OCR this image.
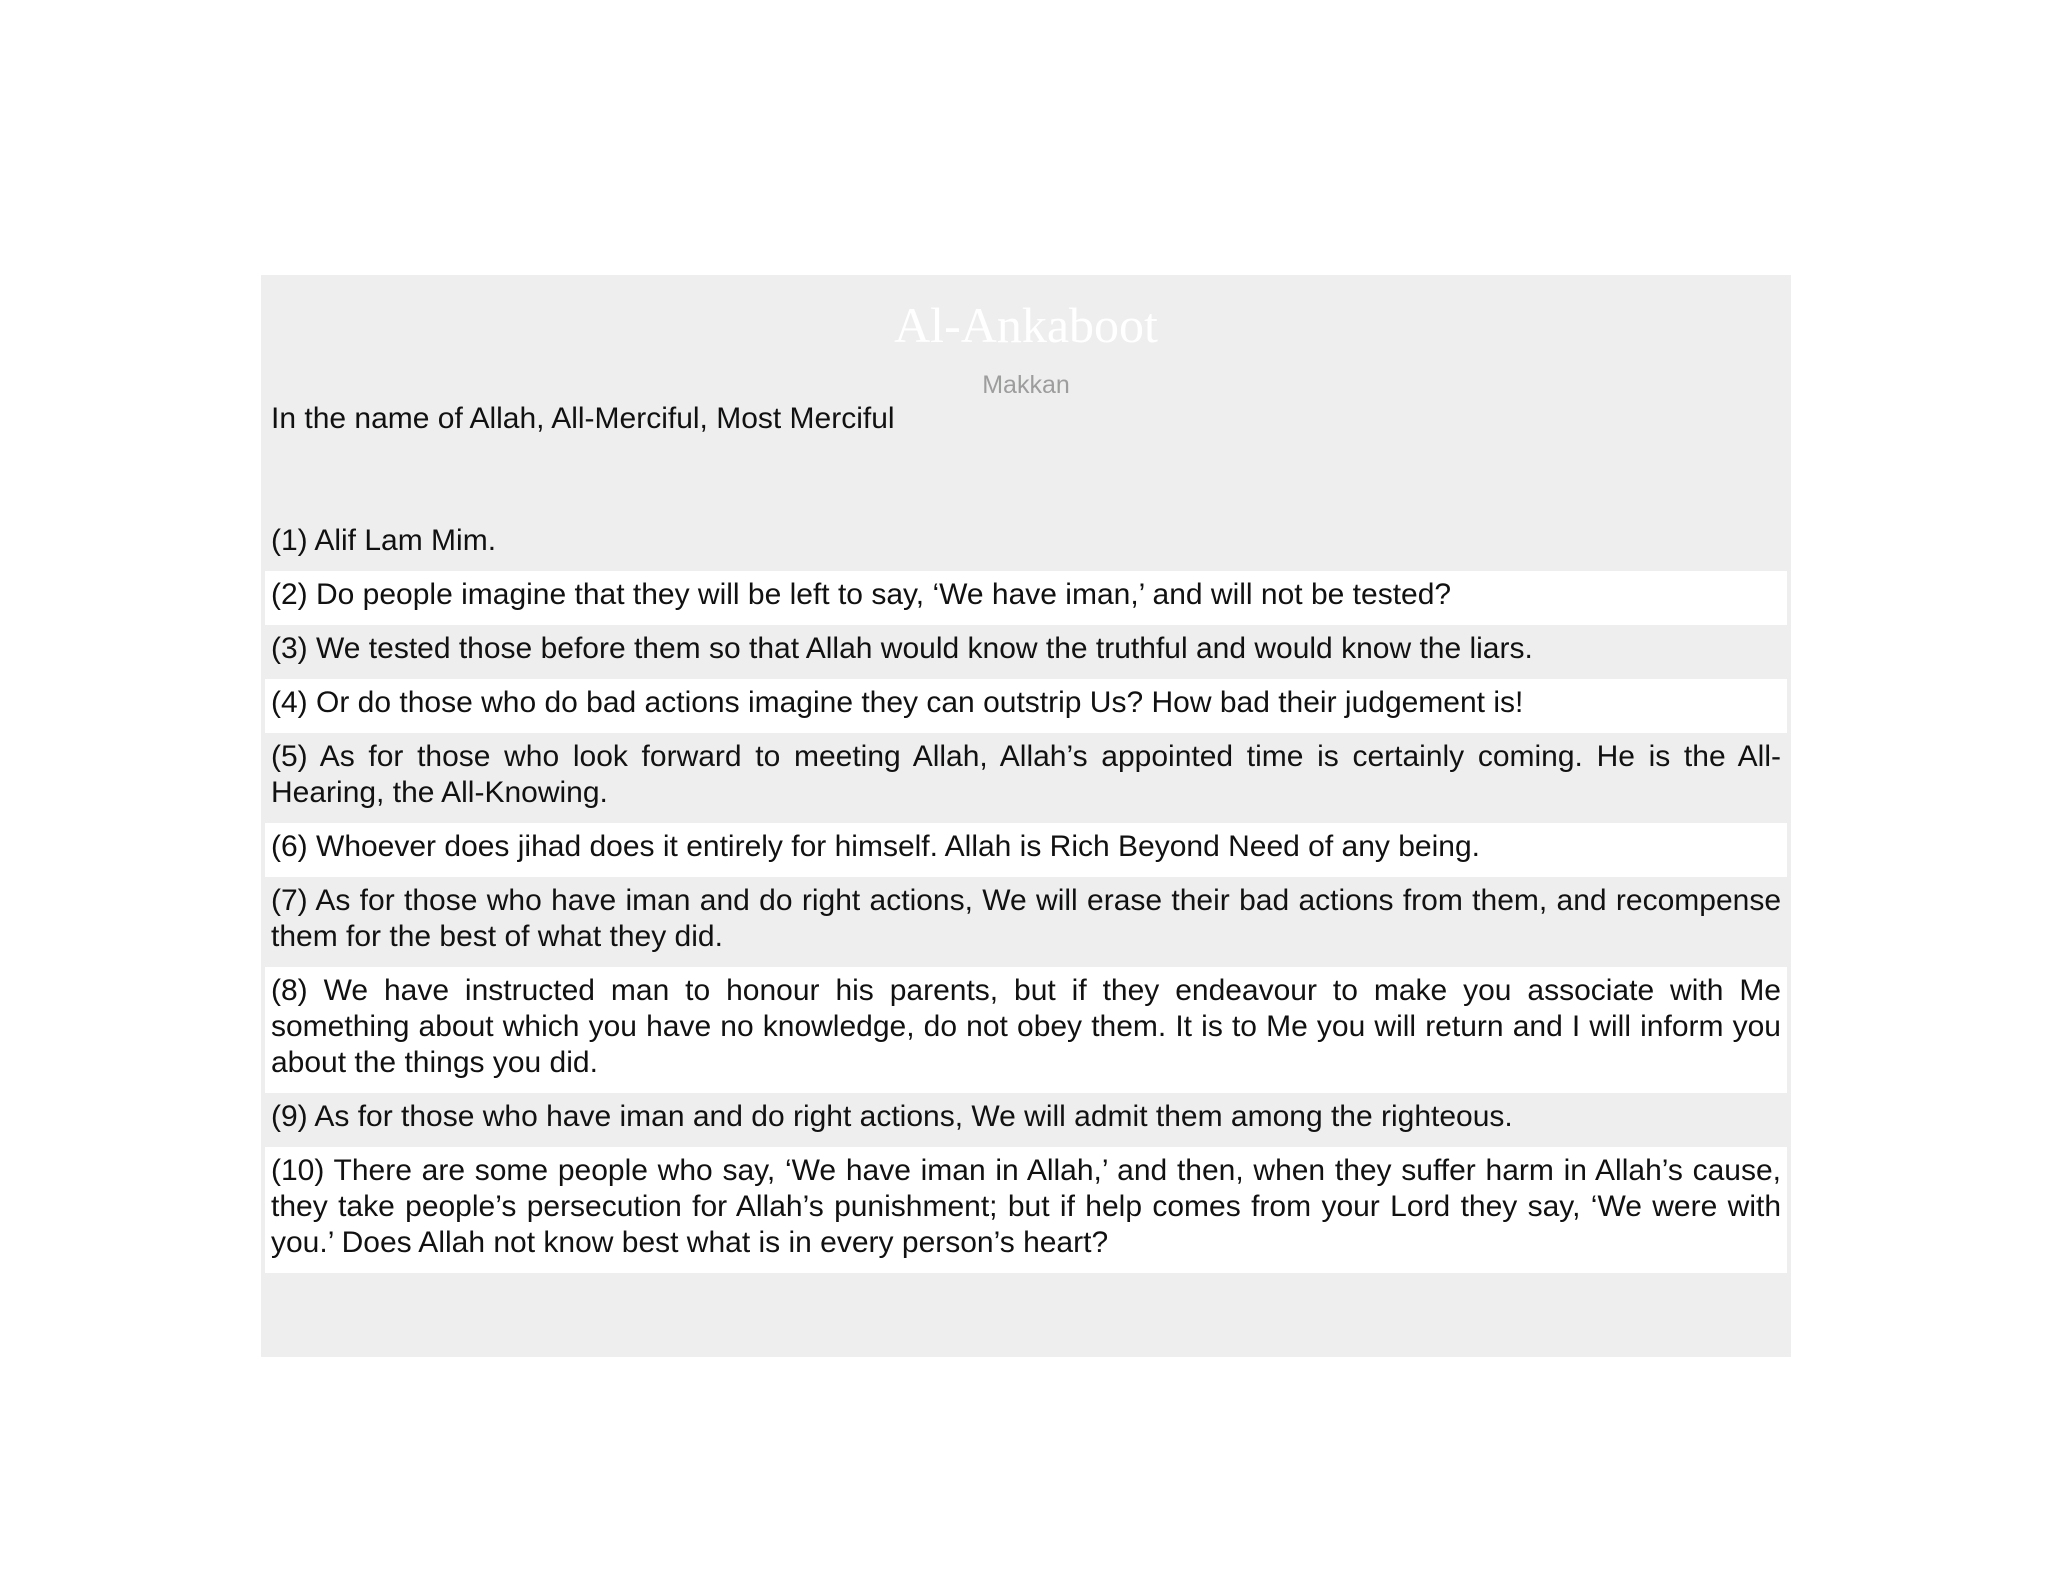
Al-Ankaboot
Makkan
In the name of Allah, All-Merciful, Most Merciful
(1) Alif Lam Mim.
(2) Do people imagine that they will be left to say, ‘We have iman,’ and will not be tested?
(3) We tested those before them so that Allah would know the truthful and would know the liars.
(4) Or do those who do bad actions imagine they can outstrip Us? How bad their judgement is!
(5) As for those who look forward to meeting Allah, Allah’s appointed time is certainly coming. He is the All-Hearing, the All-Knowing.
(6) Whoever does jihad does it entirely for himself. Allah is Rich Beyond Need of any being.
(7) As for those who have iman and do right actions, We will erase their bad actions from them, and recompense them for the best of what they did.
(8) We have instructed man to honour his parents, but if they endeavour to make you associate with Me something about which you have no knowledge, do not obey them. It is to Me you will return and I will inform you about the things you did.
(9) As for those who have iman and do right actions, We will admit them among the righteous.
(10) There are some people who say, ‘We have iman in Allah,’ and then, when they suffer harm in Allah’s cause, they take people’s persecution for Allah’s punishment; but if help comes from your Lord they say, ‘We were with you.’ Does Allah not know best what is in every person’s heart?
